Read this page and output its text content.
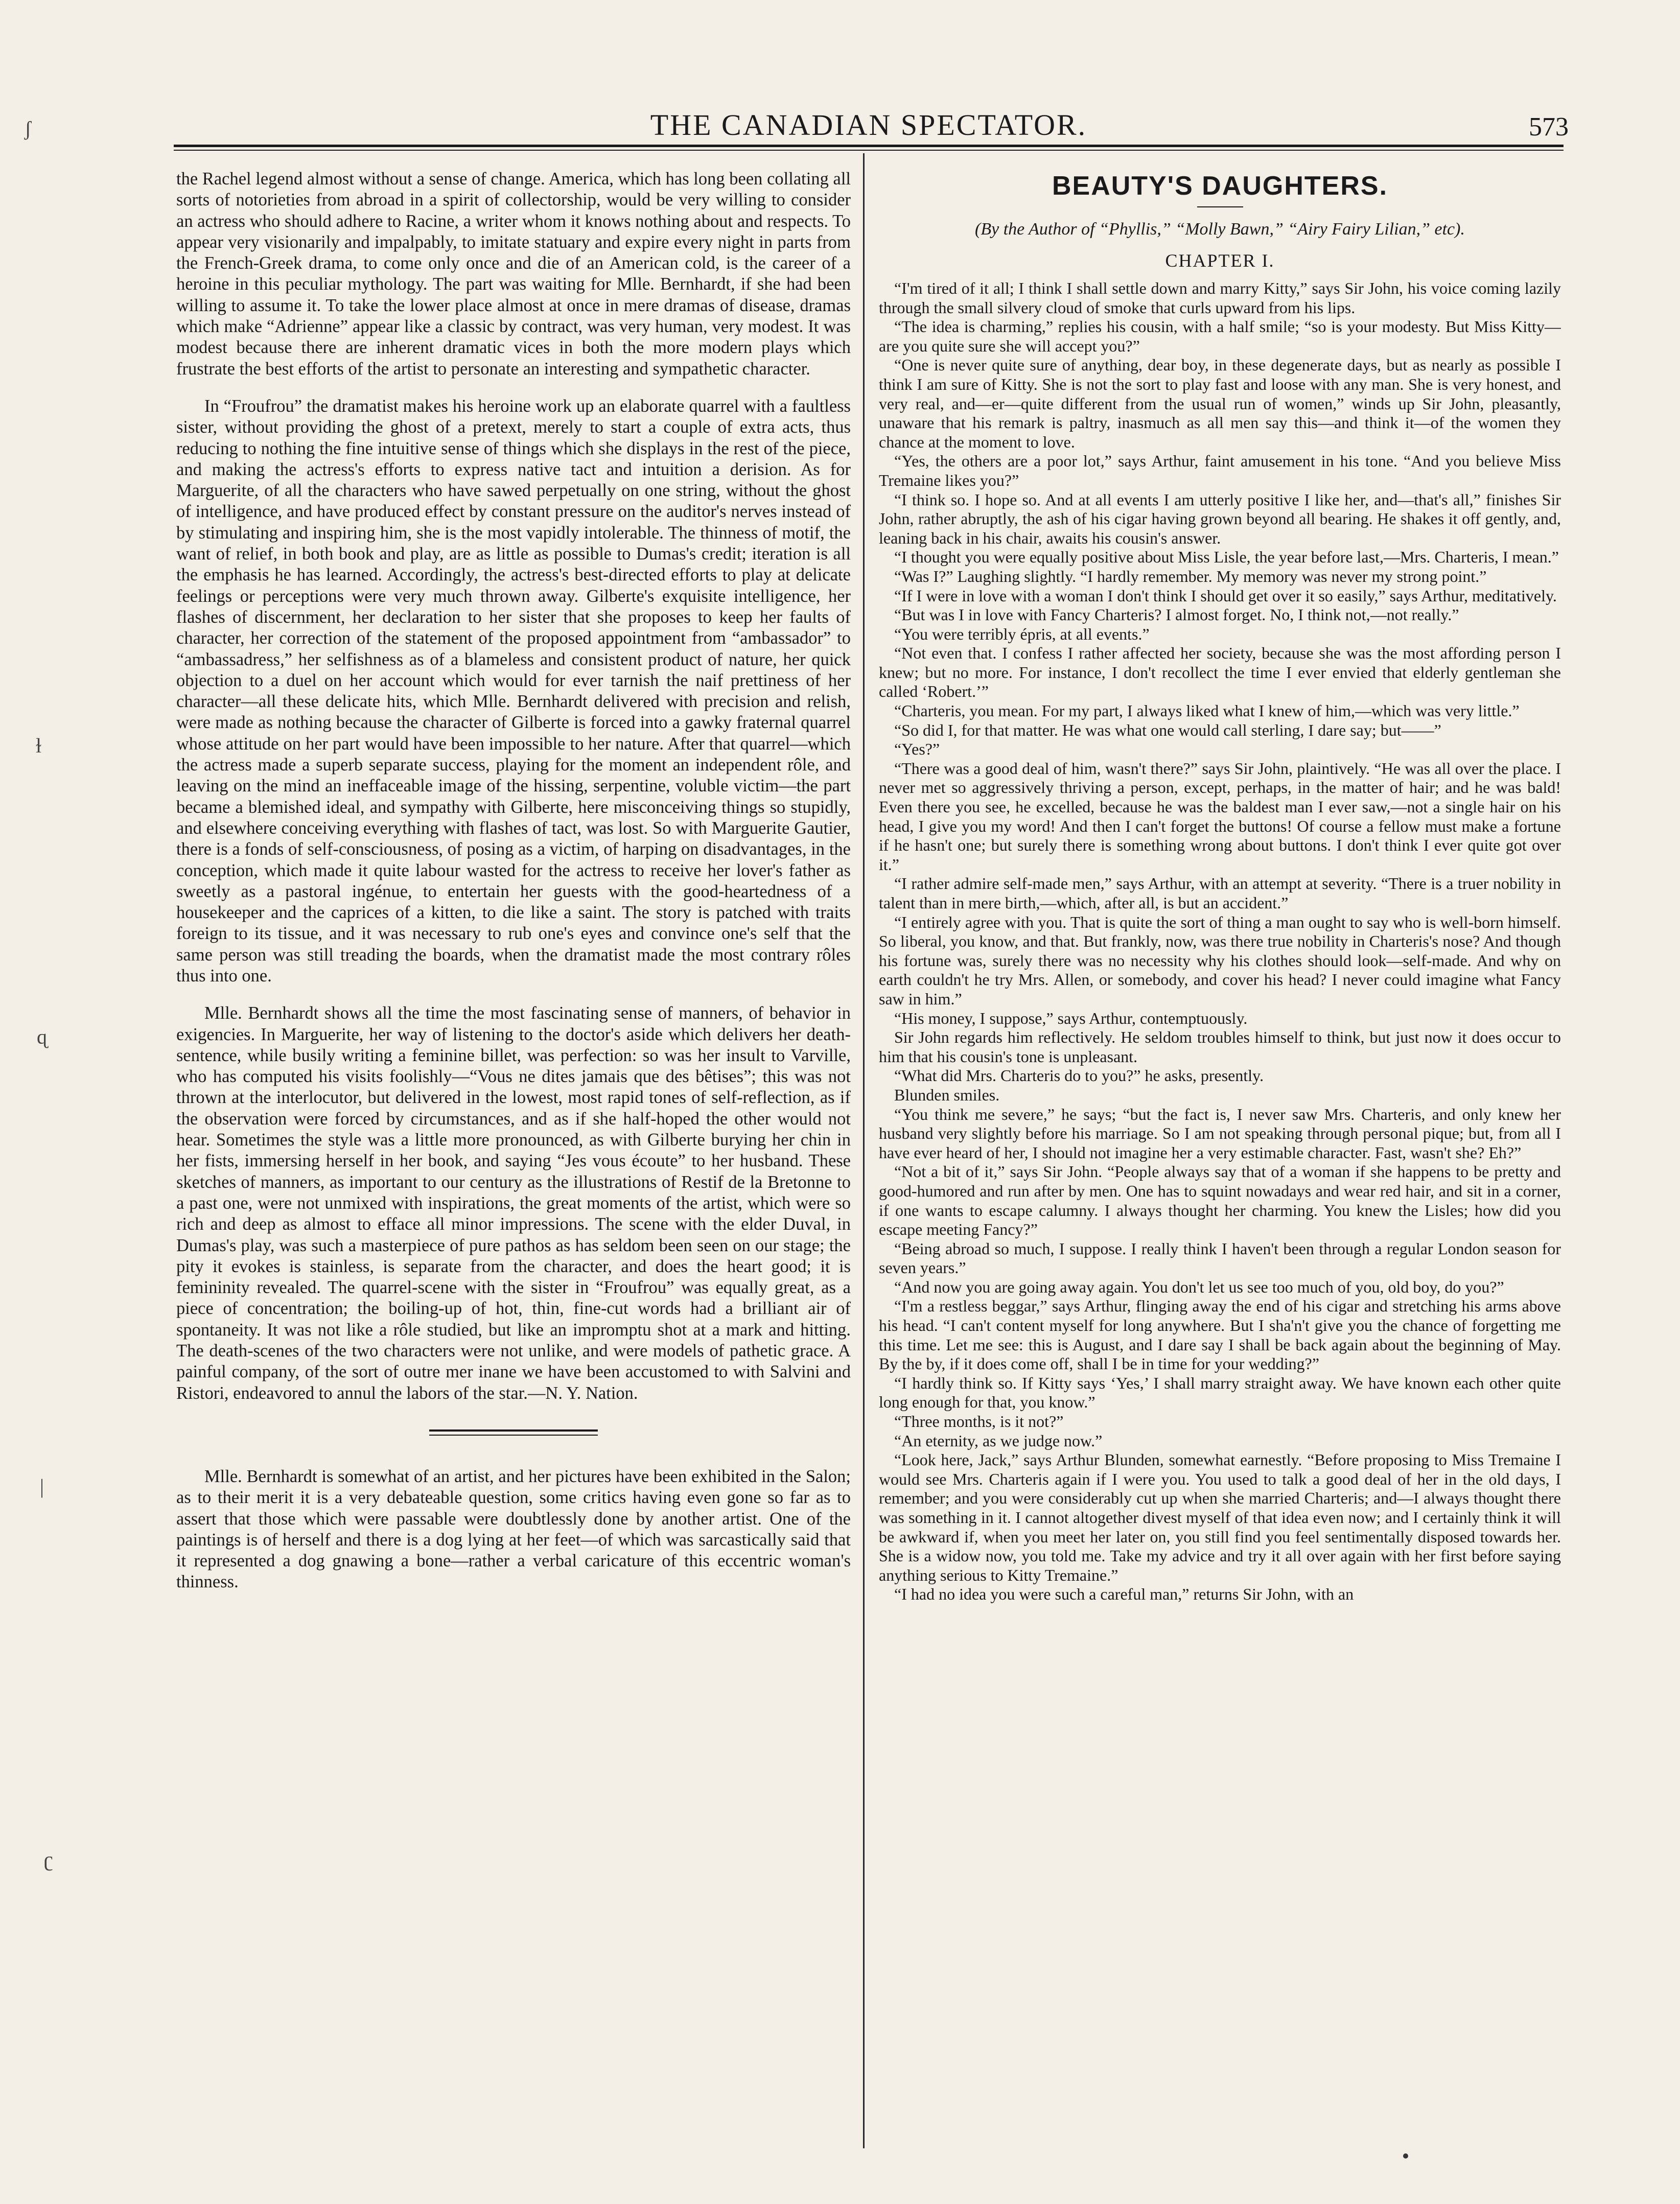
ʃ
ɫ
ɋ
|
ʗ
THE CANADIAN SPECTATOR.	573

the Rachel legend almost without a sense of change. America, which has long been collating all sorts of notorieties from abroad in a spirit of collectorship, would be very willing to consider an actress who should adhere to Racine, a writer whom it knows nothing about and respects. To appear very visionarily and impalpably, to imitate statuary and expire every night in parts from the French-Greek drama, to come only once and die of an American cold, is the career of a heroine in this peculiar mythology. The part was waiting for Mlle. Bernhardt, if she had been willing to assume it. To take the lower place almost at once in mere dramas of disease, dramas which make “Adrienne” appear like a classic by contract, was very human, very modest. It was modest because there are inherent dramatic vices in both the more modern plays which frustrate the best efforts of the artist to personate an interesting and sympathetic character.

In “Froufrou” the dramatist makes his heroine work up an elaborate quarrel with a faultless sister, without providing the ghost of a pretext, merely to start a couple of extra acts, thus reducing to nothing the fine intuitive sense of things which she displays in the rest of the piece, and making the actress's efforts to express native tact and intuition a derision. As for Marguerite, of all the characters who have sawed perpetually on one string, without the ghost of intelligence, and have produced effect by constant pressure on the auditor's nerves instead of by stimulating and inspiring him, she is the most vapidly intolerable. The thinness of motif, the want of relief, in both book and play, are as little as possible to Dumas's credit; iteration is all the emphasis he has learned. Accordingly, the actress's best-directed efforts to play at delicate feelings or perceptions were very much thrown away. Gilberte's exquisite intelligence, her flashes of discernment, her declaration to her sister that she proposes to keep her faults of character, her correction of the statement of the proposed appointment from “ambassador” to “ambassadress,” her selfishness as of a blameless and consistent product of nature, her quick objection to a duel on her account which would for ever tarnish the naif prettiness of her character—all these delicate hits, which Mlle. Bernhardt delivered with precision and relish, were made as nothing because the character of Gilberte is forced into a gawky fraternal quarrel whose attitude on her part would have been impossible to her nature. After that quarrel—which the actress made a superb separate success, playing for the moment an independent rôle, and leaving on the mind an ineffaceable image of the hissing, serpentine, voluble victim—the part became a blemished ideal, and sympathy with Gilberte, here misconceiving things so stupidly, and elsewhere conceiving everything with flashes of tact, was lost. So with Marguerite Gautier, there is a fonds of self-consciousness, of posing as a victim, of harping on disadvantages, in the conception, which made it quite labour wasted for the actress to receive her lover's father as sweetly as a pastoral ingénue, to entertain her guests with the good-heartedness of a housekeeper and the caprices of a kitten, to die like a saint. The story is patched with traits foreign to its tissue, and it was necessary to rub one's eyes and convince one's self that the same person was still treading the boards, when the dramatist made the most contrary rôles thus into one.

Mlle. Bernhardt shows all the time the most fascinating sense of manners, of behavior in exigencies. In Marguerite, her way of listening to the doctor's aside which delivers her death-sentence, while busily writing a feminine billet, was perfection: so was her insult to Varville, who has computed his visits foolishly—“Vous ne dites jamais que des bêtises”; this was not thrown at the interlocutor, but delivered in the lowest, most rapid tones of self-reflection, as if the observation were forced by circumstances, and as if she half-hoped the other would not hear. Sometimes the style was a little more pronounced, as with Gilberte burying her chin in her fists, immersing herself in her book, and saying “Jes vous écoute” to her husband. These sketches of manners, as important to our century as the illustrations of Restif de la Bretonne to a past one, were not unmixed with inspirations, the great moments of the artist, which were so rich and deep as almost to efface all minor impressions. The scene with the elder Duval, in Dumas's play, was such a masterpiece of pure pathos as has seldom been seen on our stage; the pity it evokes is stainless, is separate from the character, and does the heart good; it is femininity revealed. The quarrel-scene with the sister in “Froufrou” was equally great, as a piece of concentration; the boiling-up of hot, thin, fine-cut words had a brilliant air of spontaneity. It was not like a rôle studied, but like an impromptu shot at a mark and hitting. The death-scenes of the two characters were not unlike, and were models of pathetic grace. A painful company, of the sort of outre mer inane we have been accustomed to with Salvini and Ristori, endeavored to annul the labors of the star.—N. Y. Nation.

Mlle. Bernhardt is somewhat of an artist, and her pictures have been exhibited in the Salon; as to their merit it is a very debateable question, some critics having even gone so far as to assert that those which were passable were doubtlessly done by another artist. One of the paintings is of herself and there is a dog lying at her feet—of which was sarcastically said that it represented a dog gnawing a bone—rather a verbal caricature of this eccentric woman's thinness.

BEAUTY'S DAUGHTERS.
(By the Author of “Phyllis,” “Molly Bawn,” “Airy Fairy Lilian,” etc).
CHAPTER I.

“I'm tired of it all; I think I shall settle down and marry Kitty,” says Sir John, his voice coming lazily through the small silvery cloud of smoke that curls upward from his lips.

“The idea is charming,” replies his cousin, with a half smile; “so is your modesty. But Miss Kitty—are you quite sure she will accept you?”

“One is never quite sure of anything, dear boy, in these degenerate days, but as nearly as possible I think I am sure of Kitty. She is not the sort to play fast and loose with any man. She is very honest, and very real, and—er—quite different from the usual run of women,” winds up Sir John, pleasantly, unaware that his remark is paltry, inasmuch as all men say this—and think it—of the women they chance at the moment to love.

“Yes, the others are a poor lot,” says Arthur, faint amusement in his tone. “And you believe Miss Tremaine likes you?”

“I think so. I hope so. And at all events I am utterly positive I like her, and—that's all,” finishes Sir John, rather abruptly, the ash of his cigar having grown beyond all bearing. He shakes it off gently, and, leaning back in his chair, awaits his cousin's answer.

“I thought you were equally positive about Miss Lisle, the year before last,—Mrs. Charteris, I mean.”

“Was I?” Laughing slightly. “I hardly remember. My memory was never my strong point.”

“If I were in love with a woman I don't think I should get over it so easily,” says Arthur, meditatively.

“But was I in love with Fancy Charteris? I almost forget. No, I think not,—not really.”

“You were terribly épris, at all events.”

“Not even that. I confess I rather affected her society, because she was the most affording person I knew; but no more. For instance, I don't recollect the time I ever envied that elderly gentleman she called ‘Robert.’”

“Charteris, you mean. For my part, I always liked what I knew of him,—which was very little.”

“So did I, for that matter. He was what one would call sterling, I dare say; but——”

“Yes?”

“There was a good deal of him, wasn't there?” says Sir John, plaintively. “He was all over the place. I never met so aggressively thriving a person, except, perhaps, in the matter of hair; and he was bald! Even there you see, he excelled, because he was the baldest man I ever saw,—not a single hair on his head, I give you my word! And then I can't forget the buttons! Of course a fellow must make a fortune if he hasn't one; but surely there is something wrong about buttons. I don't think I ever quite got over it.”

“I rather admire self-made men,” says Arthur, with an attempt at severity. “There is a truer nobility in talent than in mere birth,—which, after all, is but an accident.”

“I entirely agree with you. That is quite the sort of thing a man ought to say who is well-born himself. So liberal, you know, and that. But frankly, now, was there true nobility in Charteris's nose? And though his fortune was, surely there was no necessity why his clothes should look—self-made. And why on earth couldn't he try Mrs. Allen, or somebody, and cover his head? I never could imagine what Fancy saw in him.”

“His money, I suppose,” says Arthur, contemptuously.

Sir John regards him reflectively. He seldom troubles himself to think, but just now it does occur to him that his cousin's tone is unpleasant.

“What did Mrs. Charteris do to you?” he asks, presently.

Blunden smiles.

“You think me severe,” he says; “but the fact is, I never saw Mrs. Charteris, and only knew her husband very slightly before his marriage. So I am not speaking through personal pique; but, from all I have ever heard of her, I should not imagine her a very estimable character. Fast, wasn't she? Eh?”

“Not a bit of it,” says Sir John. “People always say that of a woman if she happens to be pretty and good-humored and run after by men. One has to squint nowadays and wear red hair, and sit in a corner, if one wants to escape calumny. I always thought her charming. You knew the Lisles; how did you escape meeting Fancy?”

“Being abroad so much, I suppose. I really think I haven't been through a regular London season for seven years.”

“And now you are going away again. You don't let us see too much of you, old boy, do you?”

“I'm a restless beggar,” says Arthur, flinging away the end of his cigar and stretching his arms above his head. “I can't content myself for long anywhere. But I sha'n't give you the chance of forgetting me this time. Let me see: this is August, and I dare say I shall be back again about the beginning of May. By the by, if it does come off, shall I be in time for your wedding?”

“I hardly think so. If Kitty says ‘Yes,’ I shall marry straight away. We have known each other quite long enough for that, you know.”

“Three months, is it not?”

“An eternity, as we judge now.”

“Look here, Jack,” says Arthur Blunden, somewhat earnestly. “Before proposing to Miss Tremaine I would see Mrs. Charteris again if I were you. You used to talk a good deal of her in the old days, I remember; and you were considerably cut up when she married Charteris; and—I always thought there was something in it. I cannot altogether divest myself of that idea even now; and I certainly think it will be awkward if, when you meet her later on, you still find you feel sentimentally disposed towards her. She is a widow now, you told me. Take my advice and try it all over again with her first before saying anything serious to Kitty Tremaine.”

“I had no idea you were such a careful man,” returns Sir John, with an
